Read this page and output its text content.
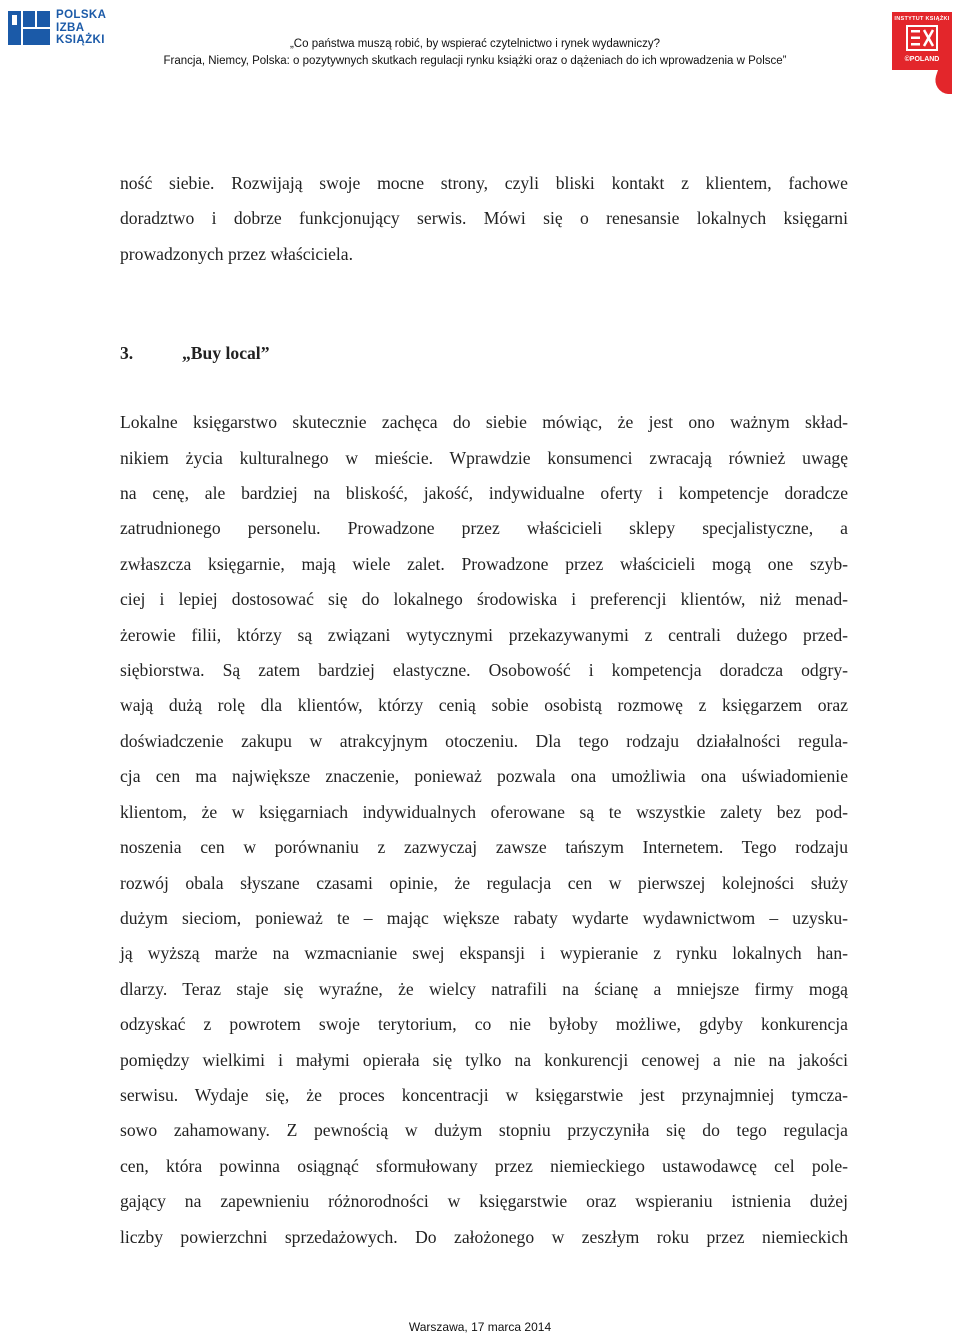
POLSKA
IZBA
KSIĄŻKI	„Co państwa muszą robić, by wspierać czytelnictwo i rynek wydawniczy?
Francja, Niemcy, Polska: o pozytywnych skutkach regulacji rynku książki oraz o dążeniach do ich wprowadzenia w Polsce”
INSTYTUT KSIĄŻKI
©POLAND

ność siebie. Rozwijają swoje mocne strony, czyli bliski kontakt z klientem, fachowe
doradztwo i dobrze funkcjonujący serwis. Mówi się o renesansie lokalnych księgarni
prowadzonych przez właściciela.

3.	„Buy local”

Lokalne księgarstwo skutecznie zachęca do siebie mówiąc, że jest ono ważnym skład-
nikiem życia kulturalnego w mieście. Wprawdzie konsumenci zwracają również uwagę
na cenę, ale bardziej na bliskość, jakość, indywidualne oferty i kompetencje doradcze
zatrudnionego personelu. Prowadzone przez właścicieli sklepy specjalistyczne, a
zwłaszcza księgarnie, mają wiele zalet. Prowadzone przez właścicieli mogą one szyb-
ciej i lepiej dostosować się do lokalnego środowiska i preferencji klientów, niż menad-
żerowie filii, którzy są związani wytycznymi przekazywanymi z centrali dużego przed-
siębiorstwa. Są zatem bardziej elastyczne. Osobowość i kompetencja doradcza odgry-
wają dużą rolę dla klientów, którzy cenią sobie osobistą rozmowę z księgarzem oraz
doświadczenie zakupu w atrakcyjnym otoczeniu. Dla tego rodzaju działalności regula-
cja cen ma największe znaczenie, ponieważ pozwala ona umożliwia ona uświadomienie
klientom, że w księgarniach indywidualnych oferowane są te wszystkie zalety bez pod-
noszenia cen w porównaniu z zazwyczaj zawsze tańszym Internetem. Tego rodzaju
rozwój obala słyszane czasami opinie, że regulacja cen w pierwszej kolejności służy
dużym sieciom, ponieważ te – mając większe rabaty wydarte wydawnictwom – uzysku-
ją wyższą marże na wzmacnianie swej ekspansji i wypieranie z rynku lokalnych han-
dlarzy. Teraz staje się wyraźne, że wielcy natrafili na ścianę a mniejsze firmy mogą
odzyskać z powrotem swoje terytorium, co nie byłoby możliwe, gdyby konkurencja
pomiędzy wielkimi i małymi opierała się tylko na konkurencji cenowej a nie na jakości
serwisu. Wydaje się, że proces koncentracji w księgarstwie jest przynajmniej tymcza-
sowo zahamowany. Z pewnością w dużym stopniu przyczyniła się do tego regulacja
cen, która powinna osiągnąć sformułowany przez niemieckiego ustawodawcę cel pole-
gający na zapewnieniu różnorodności w księgarstwie oraz wspieraniu istnienia dużej
liczby powierzchni sprzedażowych. Do założonego w zeszłym roku przez niemieckich

Warszawa, 17 marca 2014
